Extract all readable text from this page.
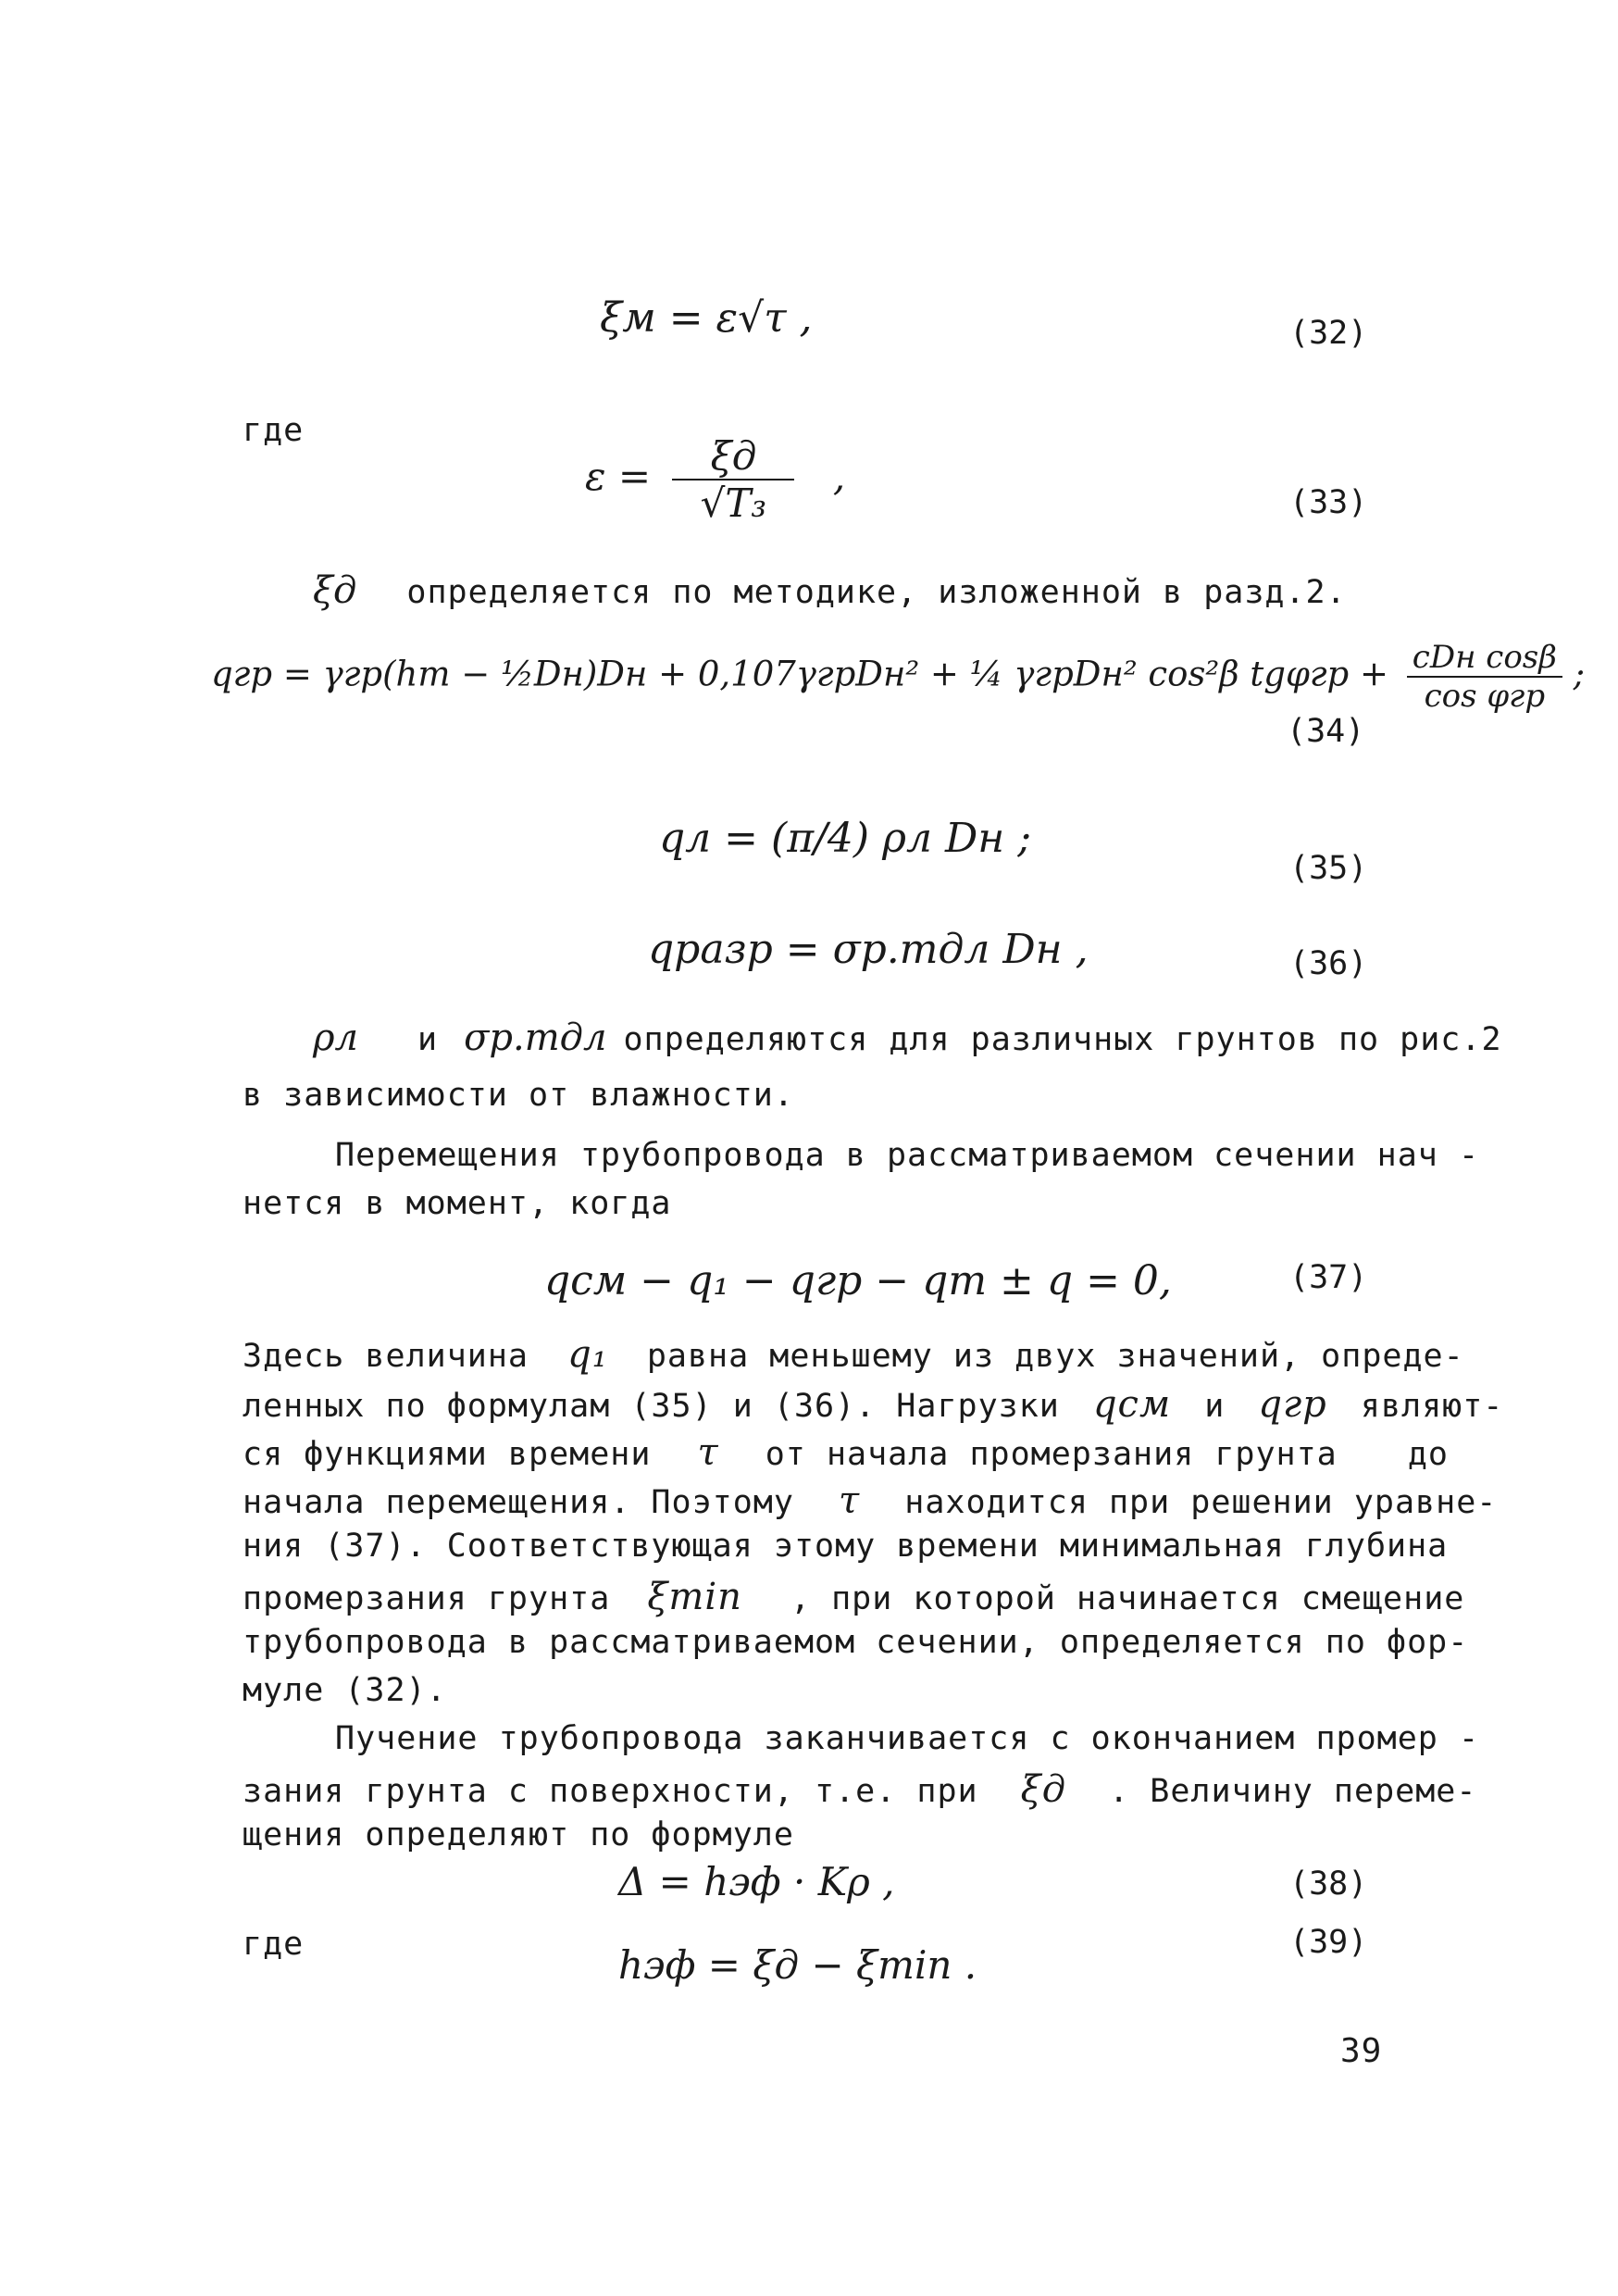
ξм = ε√τ ,	(32)
где
$\varepsilon = \frac{\xi д}{\text{√T₃}}$ ,
(33)
ξд определяется по методике, изложенной в разд.2.
qгр = γгр(hт − ½Dн)Dн + 0,107γгрDн² + ¼ γгрDн² cos²β $tg\varphi гр + \frac{\text{cDн cosβ}}{\text{cos φгр}}$ ;
(34)
qл = (π/4) ρл Dн ;
(35)
qразр = σр.тдл Dн ,	(36)
ρл и σр.тдл определяются для различных грунтов по рис.2
в зависимости от влажности.
Перемещения трубопровода в рассматриваемом сечении нач -
нется в момент, когда
qсм − q₁ − qгр − qт ± q = 0,	(37)
Здесь величина q₁ равна меньшему из двух значений, опреде-
ленных по формулам (35) и (36). Нагрузки qсм и qгр являют-
ся функциями времени τ от начала промерзания грунта до
начала перемещения. Поэтому τ находится при решении уравне-
ния (37). Соответствующая этому времени минимальная глубина
промерзания грунта ξmin , при которой начинается смещение
трубопровода в рассматриваемом сечении, определяется по фор-
муле (32).
Пучение трубопровода заканчивается с окончанием промер -
зания грунта с поверхности, т.е. при ξд . Величину переме-
щения определяют по формуле
Δ = hэф · Kρ ,	(38)
где	hэф = ξд − ξmin .	(39)
39
